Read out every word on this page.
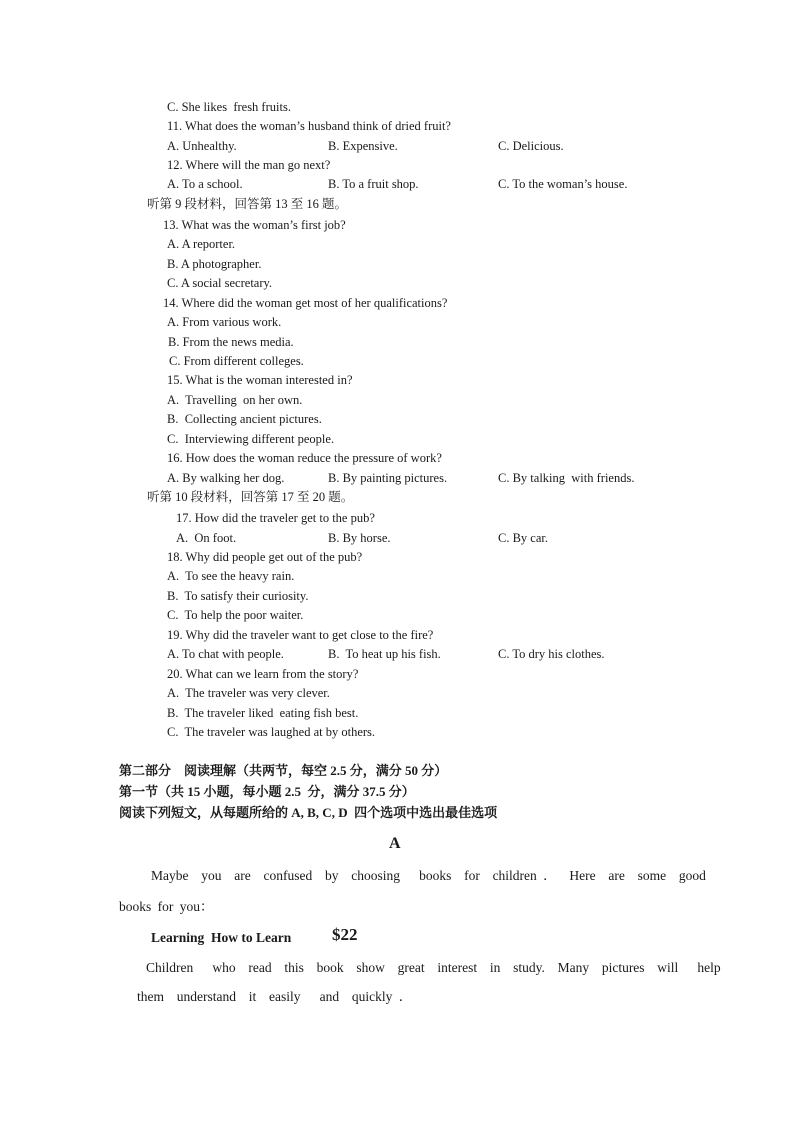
C. She likes  fresh fruits.
11. What does the woman’s husband think of dried fruit?
A. Unhealthy.	B. Expensive.	C. Delicious.
12. Where will the man go next?
A. To a school.	B. To a fruit shop.	C. To the woman’s house.
听第 9 段材料，回答第 13 至 16 题。
13. What was the woman’s first job?
A. A reporter.
B. A photographer.
C. A social secretary.
14. Where did the woman get most of her qualifications?
A. From various work.
B. From the news media.
C. From different colleges.
15. What is the woman interested in?
A.  Travelling  on her own.
B.  Collecting ancient pictures.
C.  Interviewing different people.
16. How does the woman reduce the pressure of work?
A. By walking her dog.	B. By painting pictures.	C. By talking  with friends.
听第 10 段材料，回答第 17 至 20 题。
17. How did the traveler get to the pub?
A.  On foot.	B. By horse.	C. By car.
18. Why did people get out of the pub?
A.  To see the heavy rain.
B.  To satisfy their curiosity.
C.  To help the poor waiter.
19. Why did the traveler want to get close to the fire?
A. To chat with people.	B.  To heat up his fish.	C. To dry his clothes.
20. What can we learn from the story?
A.  The traveler was very clever.
B.  The traveler liked  eating fish best.
C.  The traveler was laughed at by others.
第二部分　阅读理解（共两节，每空 2.5 分，满分 50 分）
第一节（共 15 小题，每小题 2.5  分，满分 37.5 分）
阅读下列短文，从每题所给的 A, B, C, D  四个选项中选出最佳选项
A
Maybe  you  are  confused  by  choosing   books  for  children ．  Here  are  some  good
books for you：
Learning  How to Learn $22
Children   who  read  this  book  show  great  interest  in  study.  Many  pictures  will   help
them  understand  it  easily   and  quickly ．
